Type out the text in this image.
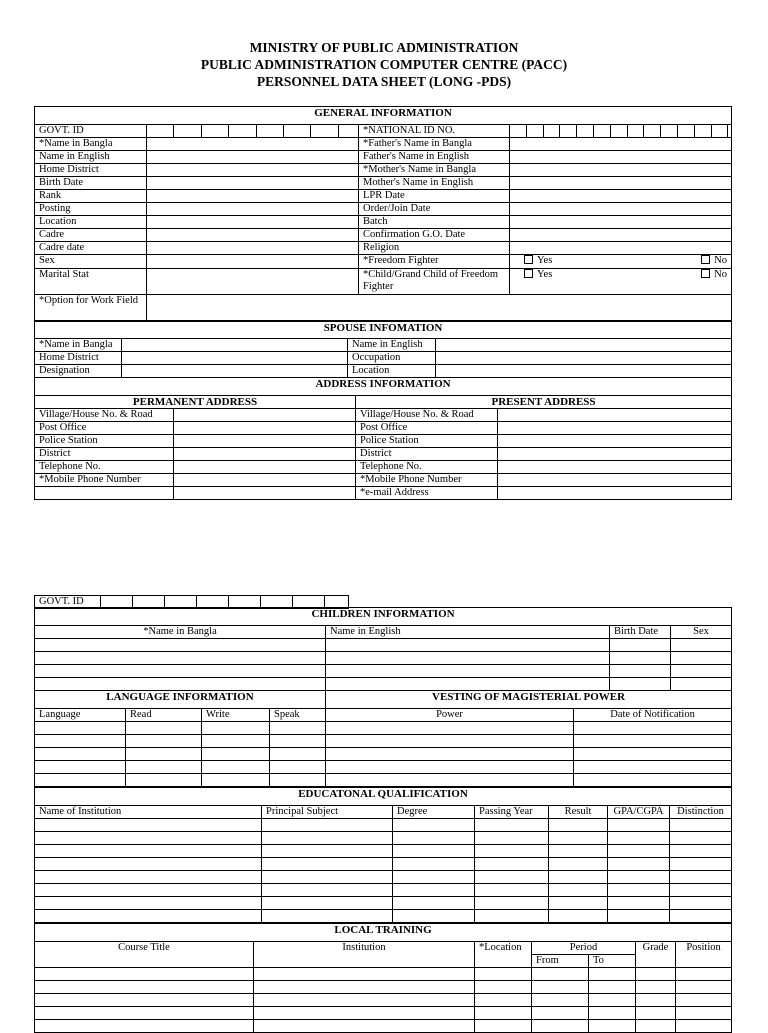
MINISTRY OF PUBLIC ADMINISTRATION
PUBLIC ADMINISTRATION COMPUTER CENTRE (PACC)
PERSONNEL DATA SHEET (LONG -PDS)
GENERAL INFORMATION			
GOVT. ID		*NATIONAL ID NO.	

*Name in Bangla		*Father's Name in Bangla	
Name in English		Father's Name in English	
Home District		*Mother's Name in Bangla	
Birth Date		Mother's Name in English	
Rank		LPR Date	
Posting		Order/Join Date	
Location		Batch	
Cadre		Confirmation G.O. Date	
Cadre date		Religion	
Sex		*Freedom Fighter	Yes No

Marital Stat		*Child/Grand Child of Freedom Fighter	Yes No

*Option for Work Field			
SPOUSE INFOMATION			
*Name in Bangla		Name in English	
Home District		Occupation	
Designation		Location	
ADDRESS INFORMATION			
PERMANENT ADDRESS		PRESENT ADDRESS	
Village/House No. & Road		Village/House No. & Road	
Post Office		Post Office	
Police Station		Police Station	
District		District	
Telephone No.		Telephone No.	
*Mobile Phone Number		*Mobile Phone Number	
		*e-mail Address	
GOVT. ID	
CHILDREN INFORMATION							
*Name in Bangla				Name in English		Birth Date	Sex

LANGUAGE INFORMATION				VESTING OF MAGISTERIAL POWER			
Language	Read	Write	Speak	Power	Date of Notification		

EDUCATONAL QUALIFICATION						
Name of Institution	Principal Subject	Degree	Passing Year	Result	GPA/CGPA	Distinction

LOCAL TRAINING						
Course Title	Institution	*Location	Period		Grade	Position
			From	To		
